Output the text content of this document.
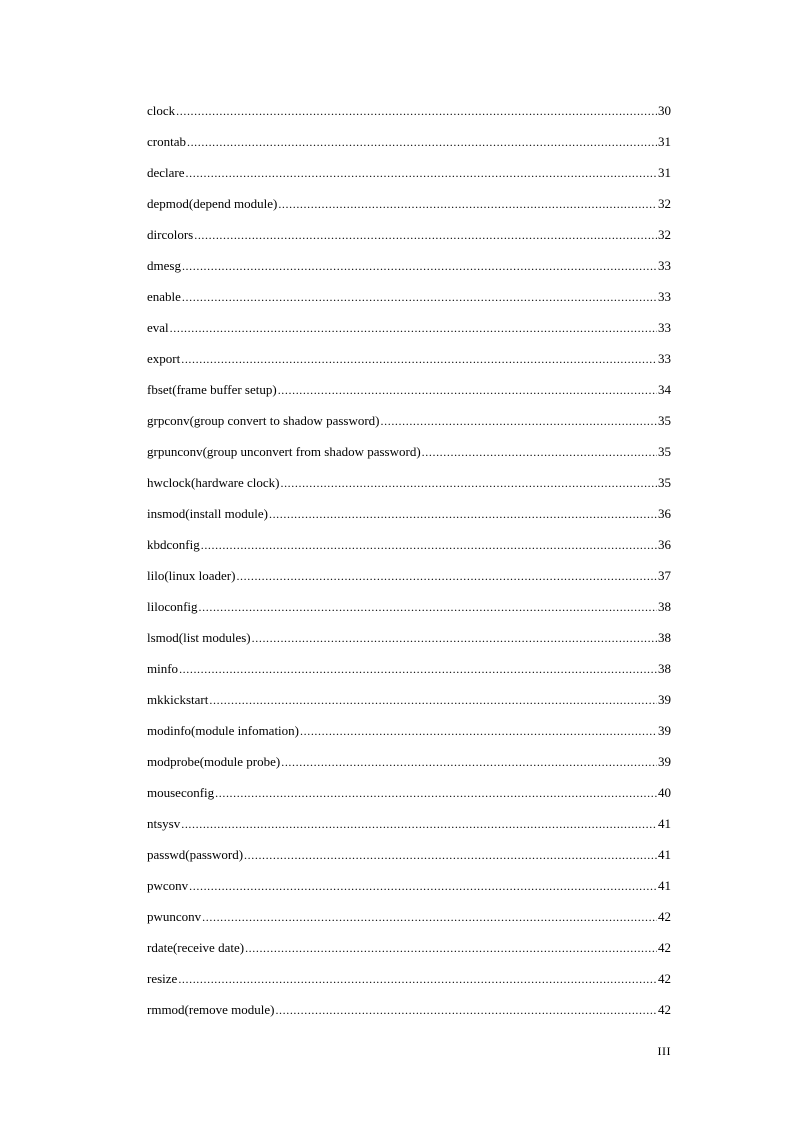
clock .....	30
crontab .....	31
declare .....	31
depmod(depend module) .....	32
dircolors .....	32
dmesg .....	33
enable .....	33
eval .....	33
export .....	33
fbset(frame buffer setup) .....	34
grpconv(group convert to shadow password) .....	35
grpunconv(group unconvert from shadow password) .....	35
hwclock(hardware clock) .....	35
insmod(install module) .....	36
kbdconfig .....	36
lilo(linux loader) .....	37
liloconfig .....	38
lsmod(list modules) .....	38
minfo .....	38
mkkickstart .....	39
modinfo(module infomation) .....	39
modprobe(module probe) .....	39
mouseconfig .....	40
ntsysv .....	41
passwd(password) .....	41
pwconv .....	41
pwunconv .....	42
rdate(receive date) .....	42
resize .....	42
rmmod(remove module) .....	42
III
